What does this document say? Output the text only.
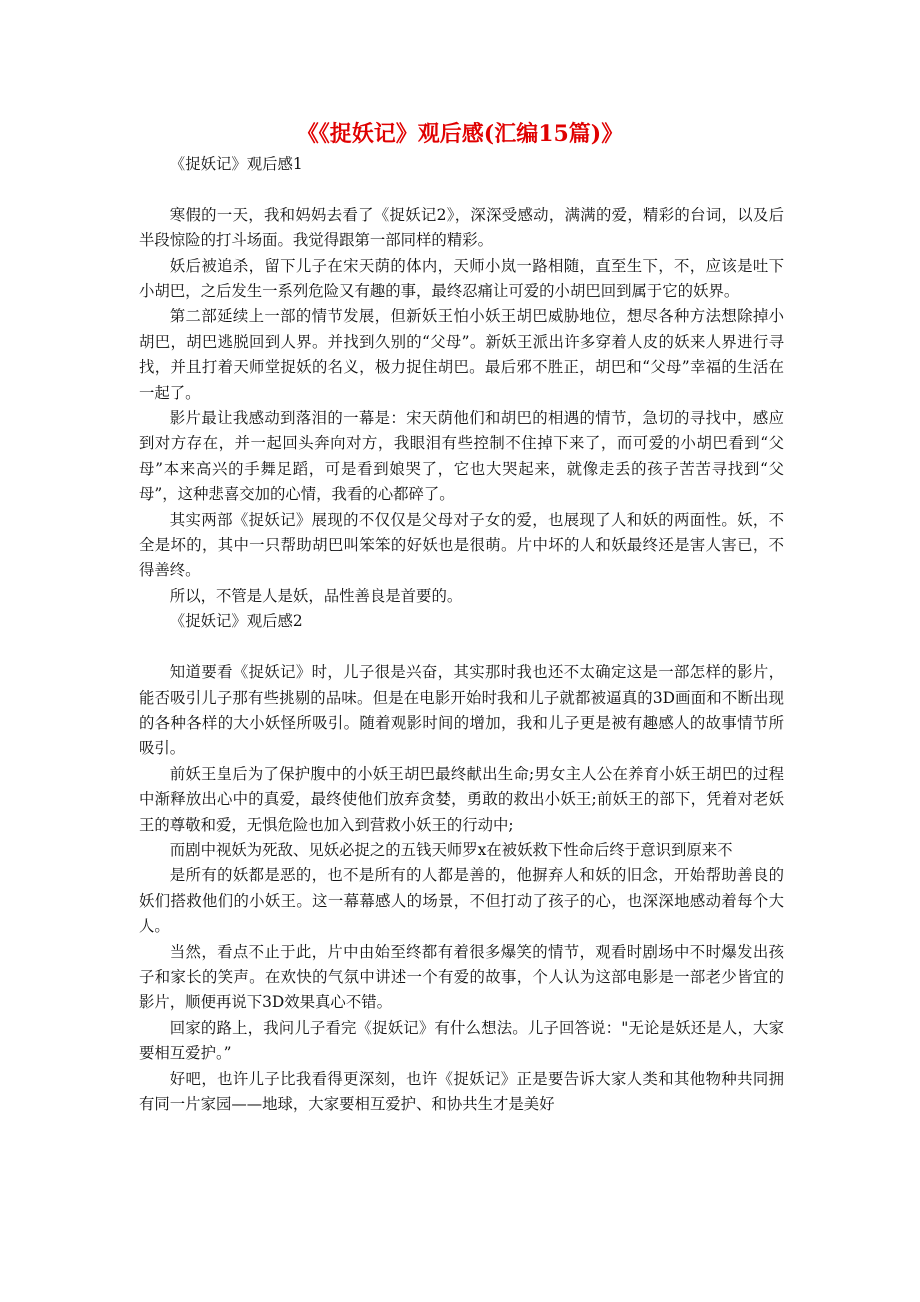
《《捉妖记》观后感(汇编15篇)》

《捉妖记》观后感1

寒假的一天，我和妈妈去看了《捉妖记2》，深深受感动，满满的爱，精彩的台词，以及后半段惊险的打斗场面。我觉得跟第一部同样的精彩。

妖后被追杀，留下儿子在宋天荫的体内，天师小岚一路相随，直至生下，不，应该是吐下小胡巴，之后发生一系列危险又有趣的事，最终忍痛让可爱的小胡巴回到属于它的妖界。

第二部延续上一部的情节发展，但新妖王怕小妖王胡巴威胁地位，想尽各种方法想除掉小胡巴，胡巴逃脱回到人界。并找到久别的“父母”。新妖王派出许多穿着人皮的妖来人界进行寻找，并且打着天师堂捉妖的名义，极力捉住胡巴。最后邪不胜正，胡巴和“父母”幸福的生活在一起了。

影片最让我感动到落泪的一幕是：宋天荫他们和胡巴的相遇的情节，急切的寻找中，感应到对方存在，并一起回头奔向对方，我眼泪有些控制不住掉下来了，而可爱的小胡巴看到“父母”本来高兴的手舞足蹈，可是看到娘哭了，它也大哭起来，就像走丢的孩子苦苦寻找到“父母”，这种悲喜交加的心情，我看的心都碎了。

其实两部《捉妖记》展现的不仅仅是父母对子女的爱，也展现了人和妖的两面性。妖，不全是坏的，其中一只帮助胡巴叫笨笨的好妖也是很萌。片中坏的人和妖最终还是害人害已，不得善终。

所以，不管是人是妖，品性善良是首要的。

《捉妖记》观后感2

知道要看《捉妖记》时，儿子很是兴奋，其实那时我也还不太确定这是一部怎样的影片，能否吸引儿子那有些挑剔的品味。但是在电影开始时我和儿子就都被逼真的3D画面和不断出现的各种各样的大小妖怪所吸引。随着观影时间的增加，我和儿子更是被有趣感人的故事情节所吸引。

前妖王皇后为了保护腹中的小妖王胡巴最终献出生命;男女主人公在养育小妖王胡巴的过程中渐释放出心中的真爱，最终使他们放弃贪婪，勇敢的救出小妖王;前妖王的部下，凭着对老妖王的尊敬和爱，无惧危险也加入到营救小妖王的行动中;

而剧中视妖为死敌、见妖必捉之的五钱天师罗x在被妖救下性命后终于意识到原来不

是所有的妖都是恶的，也不是所有的人都是善的，他摒弃人和妖的旧念，开始帮助善良的妖们搭救他们的小妖王。这一幕幕感人的场景，不但打动了孩子的心，也深深地感动着每个大人。

当然，看点不止于此，片中由始至终都有着很多爆笑的情节，观看时剧场中不时爆发出孩子和家长的笑声。在欢快的气氛中讲述一个有爱的故事，个人认为这部电影是一部老少皆宜的影片，顺便再说下3D效果真心不错。

回家的路上，我问儿子看完《捉妖记》有什么想法。儿子回答说："无论是妖还是人，大家要相互爱护。”

好吧，也许儿子比我看得更深刻，也许《捉妖记》正是要告诉大家人类和其他物种共同拥有同一片家园——地球，大家要相互爱护、和协共生才是美好
